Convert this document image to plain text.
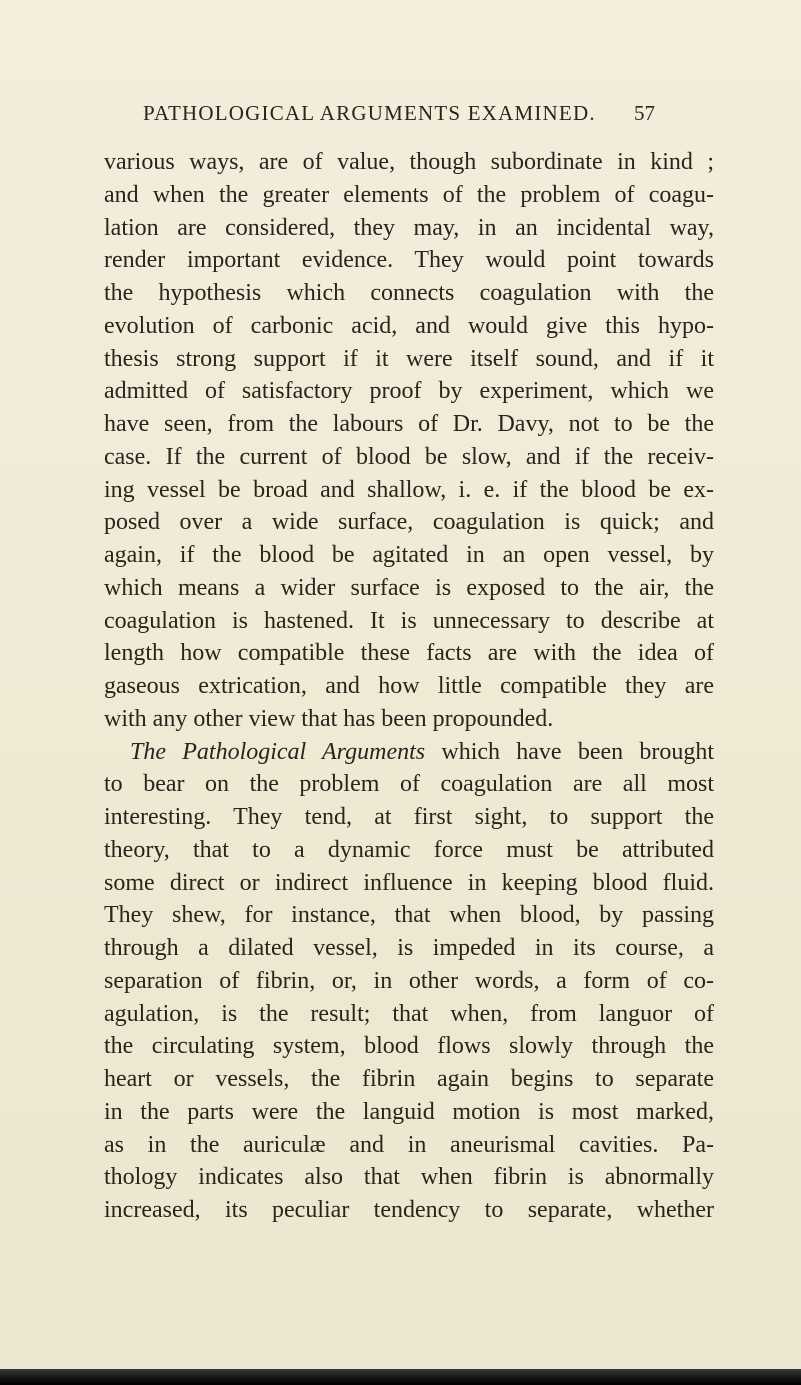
PATHOLOGICAL ARGUMENTS EXAMINED. 57
various ways, are of value, though subordinate in kind ;
and when the greater elements of the problem of coagu-
lation are considered, they may, in an incidental way,
render important evidence. They would point towards
the hypothesis which connects coagulation with the
evolution of carbonic acid, and would give this hypo-
thesis strong support if it were itself sound, and if it
admitted of satisfactory proof by experiment, which we
have seen, from the labours of Dr. Davy, not to be the
case. If the current of blood be slow, and if the receiv-
ing vessel be broad and shallow, i. e. if the blood be ex-
posed over a wide surface, coagulation is quick; and
again, if the blood be agitated in an open vessel, by
which means a wider surface is exposed to the air, the
coagulation is hastened. It is unnecessary to describe at
length how compatible these facts are with the idea of
gaseous extrication, and how little compatible they are
with any other view that has been propounded.
The Pathological Arguments which have been brought
to bear on the problem of coagulation are all most
interesting. They tend, at first sight, to support the
theory, that to a dynamic force must be attributed
some direct or indirect influence in keeping blood fluid.
They shew, for instance, that when blood, by passing
through a dilated vessel, is impeded in its course, a
separation of fibrin, or, in other words, a form of co-
agulation, is the result; that when, from languor of
the circulating system, blood flows slowly through the
heart or vessels, the fibrin again begins to separate
in the parts were the languid motion is most marked,
as in the auriculæ and in aneurismal cavities. Pa-
thology indicates also that when fibrin is abnormally
increased, its peculiar tendency to separate, whether
